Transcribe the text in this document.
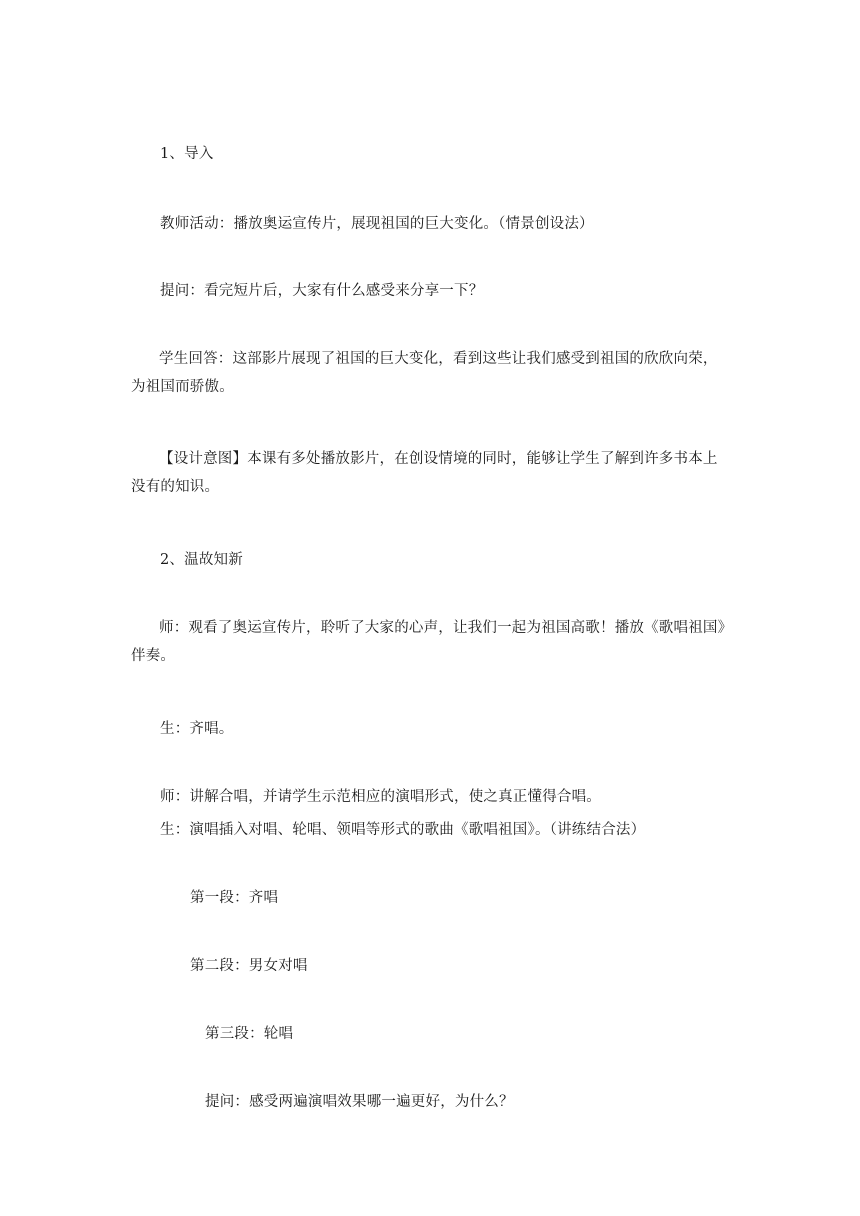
1、导入
教师活动：播放奥运宣传片，展现祖国的巨大变化。（情景创设法）
提问：看完短片后，大家有什么感受来分享一下？
学生回答：这部影片展现了祖国的巨大变化，看到这些让我们感受到祖国的欣欣向荣，
为祖国而骄傲。
【设计意图】本课有多处播放影片，在创设情境的同时，能够让学生了解到许多书本上
没有的知识。
2、温故知新
师：观看了奥运宣传片，聆听了大家的心声，让我们一起为祖国高歌！播放《歌唱祖国》
伴奏。
生：齐唱。
师：讲解合唱，并请学生示范相应的演唱形式，使之真正懂得合唱。
生：演唱插入对唱、轮唱、领唱等形式的歌曲《歌唱祖国》。（讲练结合法）
第一段：齐唱
第二段：男女对唱
第三段：轮唱
提问：感受两遍演唱效果哪一遍更好，为什么？
